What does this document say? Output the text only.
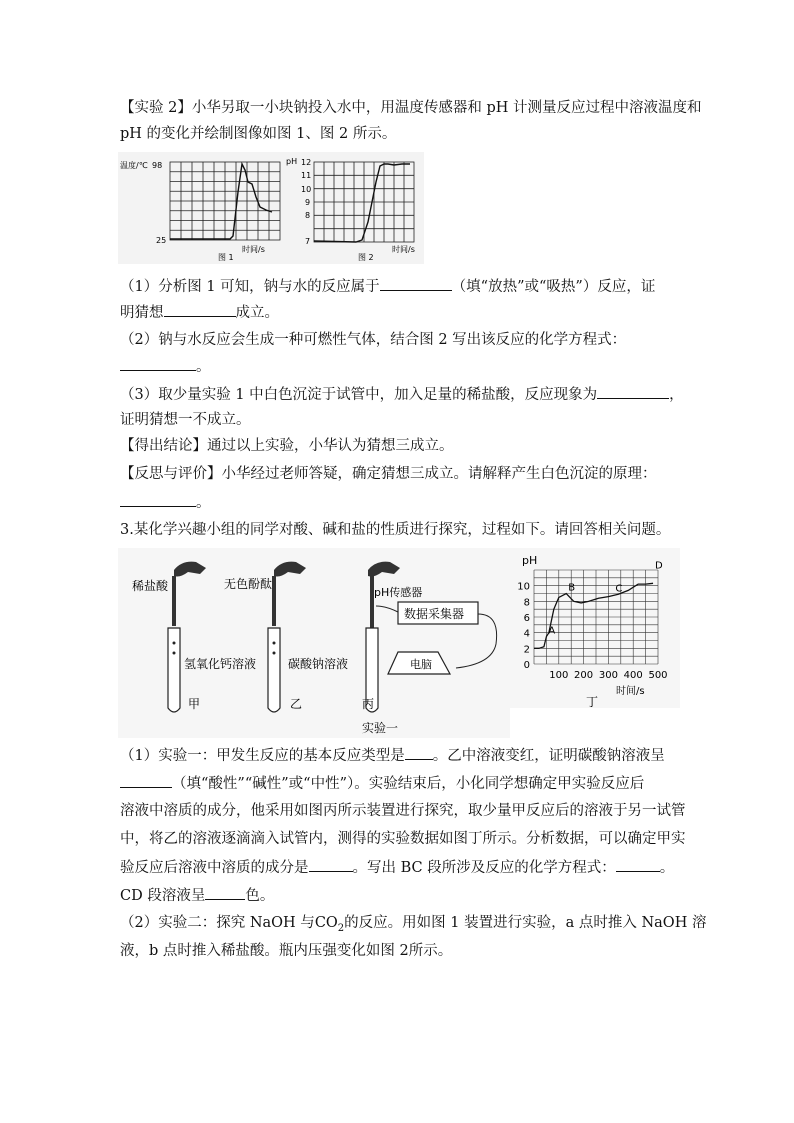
【实验 2】小华另取一小块钠投入水中，用温度传感器和 pH 计测量反应过程中溶液温度和
pH 的变化并绘制图像如图 1、图 2 所示。
温度/℃ 98
25
时间/s
图 1
pH 12
11
10
9
8
7
时间/s
图 2
（1）分析图 1 可知，钠与水的反应属于	（填“放热”或“吸热”）反应，证
明猜想	成立。
（2）钠与水反应会生成一种可燃性气体，结合图 2 写出该反应的化学方程式：
。
（3）取少量实验 1 中白色沉淀于试管中，加入足量的稀盐酸，反应现象为	，
证明猜想一不成立。
【得出结论】通过以上实验，小华认为猜想三成立。
【反思与评价】小华经过老师答疑，确定猜想三成立。请解释产生白色沉淀的原理：
。
3.某化学兴趣小组的同学对酸、碱和盐的性质进行探究，过程如下。请回答相关问题。
稀盐酸
氢氧化钙溶液
甲
无色酚酞
碳酸钠溶液
乙
pH传感器
数据采集器
电脑
丙
实验一
10
8
6
4
2
0
100 200 300 400 500
A
B	C
D
pH
时间/s
丁
（1）实验一：甲发生反应的基本反应类型是 。乙中溶液变红，证明碳酸钠溶液呈
（填“酸性”“碱性”或“中性”）。实验结束后，小化同学想确定甲实验反应后
溶液中溶质的成分，他采用如图丙所示装置进行探究，取少量甲反应后的溶液于另一试管
中，将乙的溶液逐滴滴入试管内，测得的实验数据如图丁所示。分析数据，可以确定甲实
验反应后溶液中溶质的成分是	。写出 BC 段所涉及反应的化学方程式：	。
CD 段溶液呈	色。
（2）实验二：探究 NaOH 与$CO_2$的反应。用如图 1 装置进行实验，a 点时推入 NaOH 溶
液，b 点时推入稀盐酸。瓶内压强变化如图 2所示。
